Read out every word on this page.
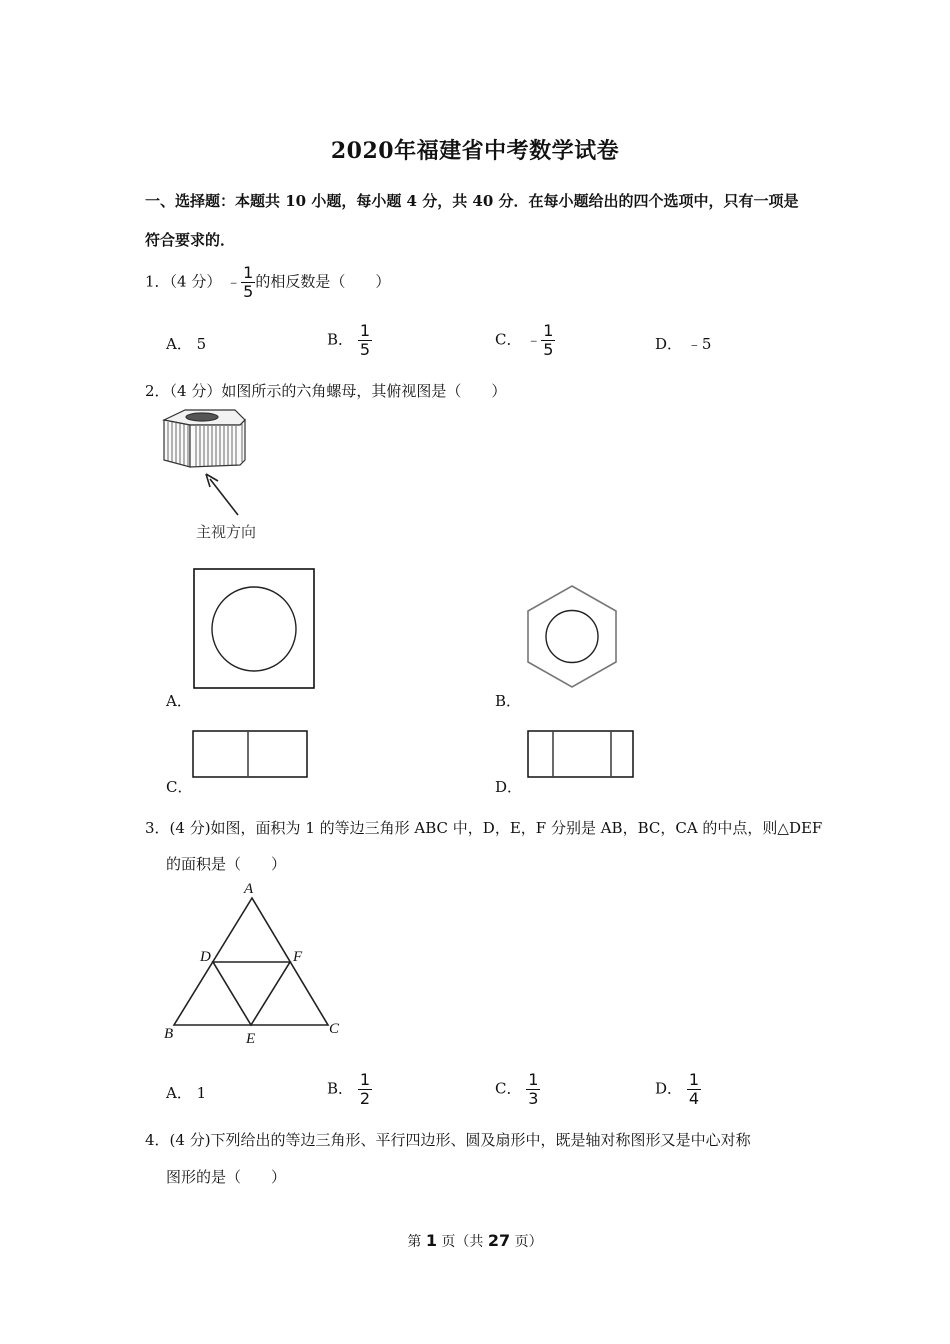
2020年福建省中考数学试卷
一、选择题：本题共 10 小题，每小题 4 分，共 40 分．在每小题给出的四个选项中，只有一项是
符合要求的．
1．（4 分） ﹣ $\frac{1}{5}$ 的相反数是（　　）
A． 5	B． $\frac{1}{5}$	C． ﹣ $\frac{1}{5}$	D． ﹣5
2．（4 分）如图所示的六角螺母，其俯视图是（　　）
主视方向
A．	B．
C．	D．
3．(4 分)如图，面积为 1 的等边三角形 ABC 中，D，E，F 分别是 AB，BC，CA 的中点，则△DEF
的面积是（　　）
A
B	C
D
E
F
A． 1	B． $\frac{1}{2}$	C． $\frac{1}{3}$	D． $\frac{1}{4}$
4．(4 分)下列给出的等边三角形、平行四边形、圆及扇形中，既是轴对称图形又是中心对称
图形的是（　　）
第 1 页（共 27 页）
